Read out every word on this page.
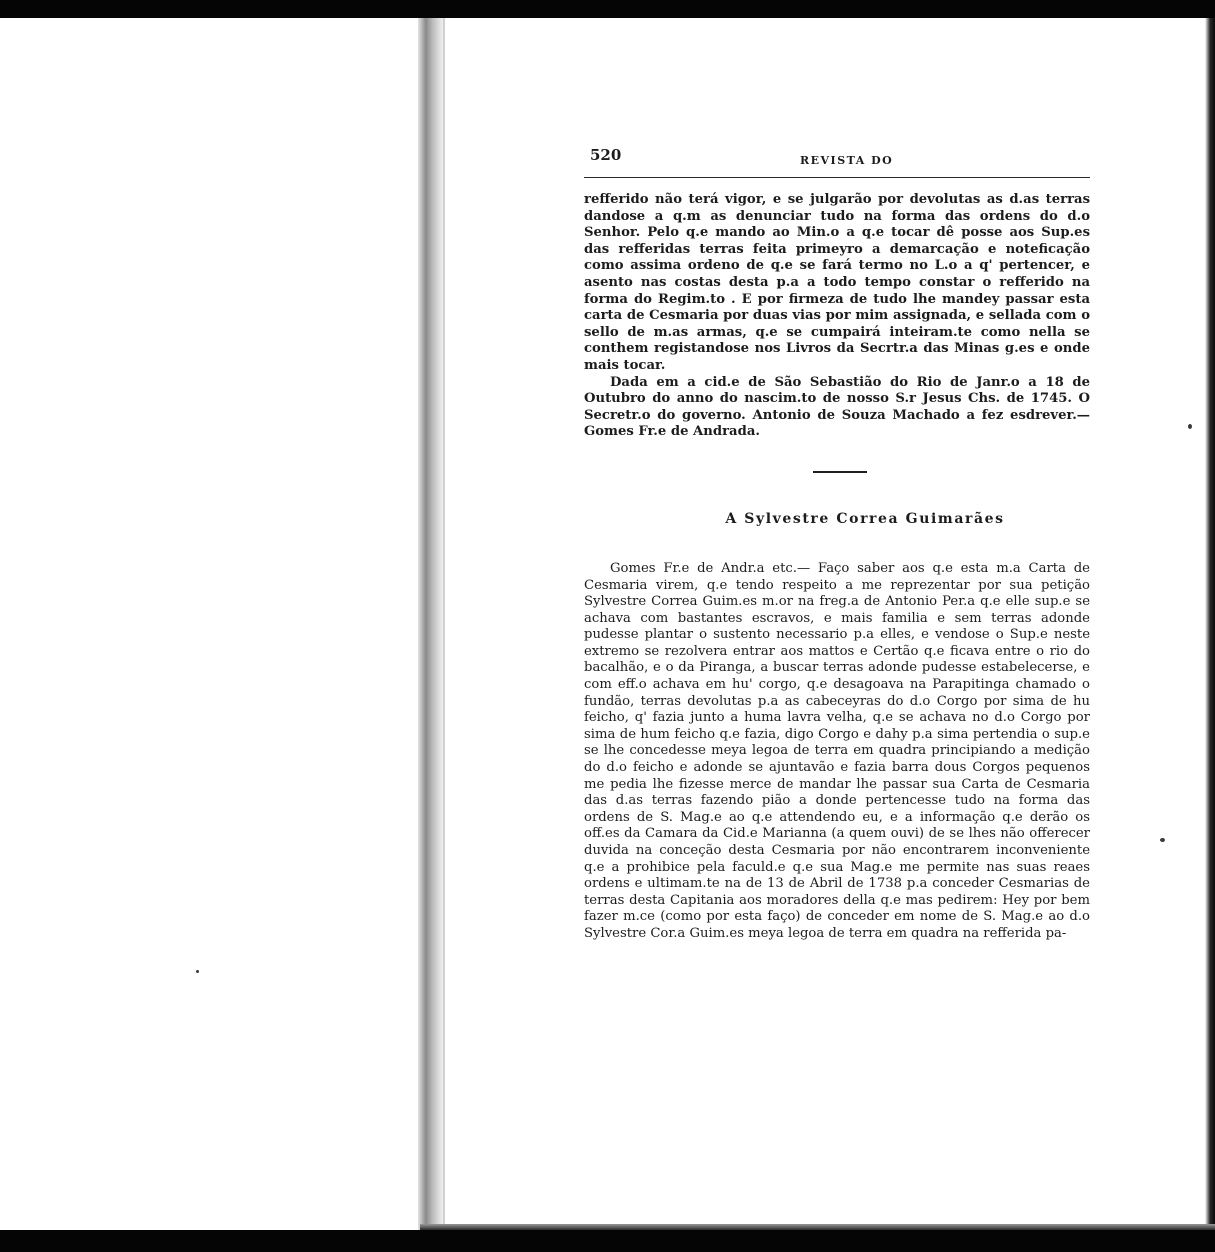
520	REVISTA DO

refferido não terá vigor, e se julgarão por devolutas as d.as terras dandose a q.m as denunciar tudo na forma das ordens do d.o Senhor. Pelo q.e mando ao Min.o a q.e tocar dê posse aos Sup.es das refferidas terras feita primeyro a demarcação e noteficação como assima ordeno de q.e se fará termo no L.o a q' pertencer, e asento nas costas desta p.a a todo tempo constar o refferido na forma do Regim.to . E por firmeza de tudo lhe mandey passar esta carta de Cesmaria por duas vias por mim assignada, e sellada com o sello de m.as armas, q.e se cumpairá inteiram.te como nella se conthem registandose nos Livros da Secrtr.a das Minas g.es e onde mais tocar.

Dada em a cid.e de São Sebastião do Rio de Janr.o a 18 de Outubro do anno do nascim.to de nosso S.r Jesus Chs. de 1745. O Secretr.o do governo. Antonio de Souza Machado a fez esdrever.— Gomes Fr.e de Andrada.

A Sylvestre Correa Guimarães

Gomes Fr.e de Andr.a etc.— Faço saber aos q.e esta m.a Carta de Cesmaria virem, q.e tendo respeito a me reprezentar por sua petição Sylvestre Correa Guim.es m.or na freg.a de Antonio Per.a q.e elle sup.e se achava com bastantes escravos, e mais familia e sem terras adonde pudesse plantar o sustento necessario p.a elles, e vendose o Sup.e neste extremo se rezolvera entrar aos mattos e Certão q.e ficava entre o rio do bacalhão, e o da Piranga, a buscar terras adonde pudesse estabelecerse, e com eff.o achava em hu' corgo, q.e desagoava na Parapitinga chamado o fundão, terras devolutas p.a as cabeceyras do d.o Corgo por sima de hu feicho, q' fazia junto a huma lavra velha, q.e se achava no d.o Corgo por sima de hum feicho q.e fazia, digo Corgo e dahy p.a sima pertendia o sup.e se lhe concedesse meya legoa de terra em quadra principiando a medição do d.o feicho e adonde se ajuntavão e fazia barra dous Corgos pequenos me pedia lhe fizesse merce de mandar lhe passar sua Carta de Cesmaria das d.as terras fazendo pião a donde pertencesse tudo na forma das ordens de S. Mag.e ao q.e attendendo eu, e a informação q.e derão os off.es da Camara da Cid.e Marianna (a quem ouvi) de se lhes não offerecer duvida na conceção desta Cesmaria por não encontrarem inconveniente q.e a prohibice pela faculd.e q.e sua Mag.e me permite nas suas reaes ordens e ultimam.te na de 13 de Abril de 1738 p.a conceder Cesmarias de terras desta Capitania aos moradores della q.e mas pedirem: Hey por bem fazer m.ce (como por esta faço) de conceder em nome de S. Mag.e ao d.o Sylvestre Cor.a Guim.es meya legoa de terra em quadra na refferida pa-
